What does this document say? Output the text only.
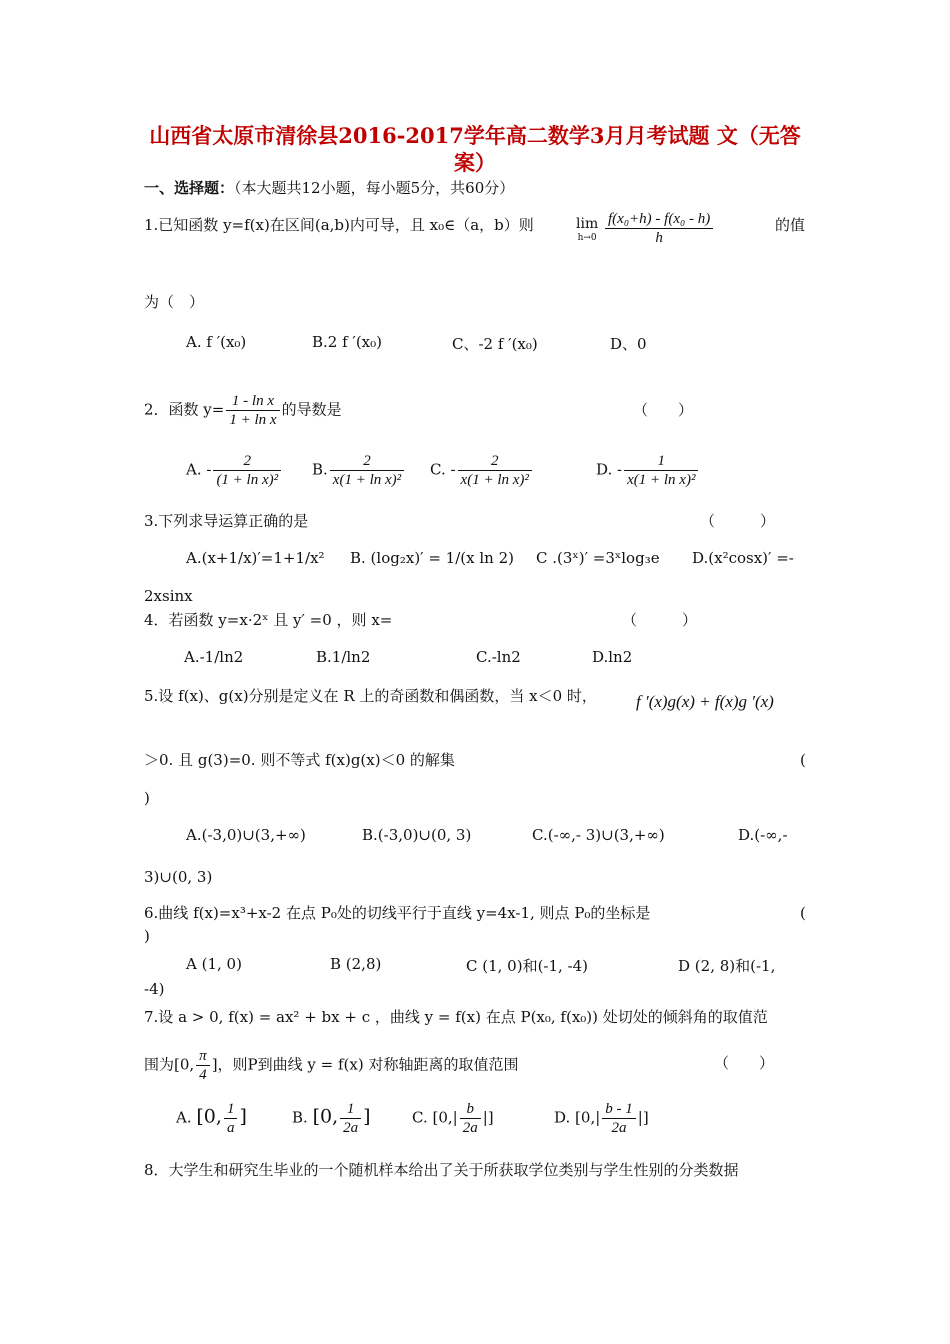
山西省太原市清徐县2016-2017学年高二数学3月月考试题 文（无答案）
一、选择题：（本大题共12小题，每小题5分，共60分）
1.已知函数 y=f(x)在区间(a,b)内可导，且 x₀∈（a，b）则	lim
h→0
$\frac{\text{f(x₀+h) - f(x₀ - h)}}{h}$	的值
为（　）
A. f ′(x₀)	B.2 f ′(x₀)	C、-2 f ′(x₀)	D、0
2．函数 $y= \frac{\text{1 - ln x}}{\text{1 + ln x}}$ 的导数是	（　　）
A. - $\frac{2}{\text{(1 + ln x)²}} B$. $\frac{2}{\text{x(1 + ln x)²}} C$. - $\frac{2}{\text{x(1 + ln x)²}}$	D. - $\frac{1}{\text{x(1 + ln x)²}}$
3.下列求导运算正确的是	（　　　）
A.(x+1/x)′=1+1/x² B. (log₂x)′ = 1/(x ln 2) C .(3ˣ)′ =3ˣlog₃e D.(x²cosx)′ =-
2xsinx
4．若函数 y=x·2ˣ 且 y′ =0 ，则 x=	（　　　）
A.-1/ln2	B.1/ln2	C.-ln2	D.ln2
5.设 f(x)、g(x)分别是定义在 R 上的奇函数和偶函数，当 x＜0 时， f ′(x)g(x) + f(x)g ′(x)
＞0. 且 g(3)=0. 则不等式 f(x)g(x)＜0 的解集	(
)
A.(-3,0)∪(3,+∞)	B.(-3,0)∪(0, 3)	C.(-∞,- 3)∪(3,+∞)	D.(-∞,-
3)∪(0, 3)
6.曲线 f(x)=x³+x-2 在点 P₀处的切线平行于直线 y=4x-1, 则点 P₀的坐标是	(
)
A (1, 0)	B (2,8)	C (1, 0)和(-1, -4)	D (2, 8)和(-1,
-4)
7.设 a > 0, f(x) = ax² + bx + c ，曲线 y = f(x) 在点 P(x₀, f(x₀)) 处切处的倾斜角的取值范
围为[0, $\frac{\pi}{4}$ ]，则P到曲线 y = f(x) 对称轴距离的取值范围	（　　）
A. [0, $\frac{1}{a}$ ]	B. [0, $\frac{1}{2a}$ ]	C. [$0,| \frac{b}{2a}$ |]	D. [$0,| \frac{b - 1}{2a}$ |]
8．大学生和研究生毕业的一个随机样本给出了关于所获取学位类别与学生性别的分类数据
